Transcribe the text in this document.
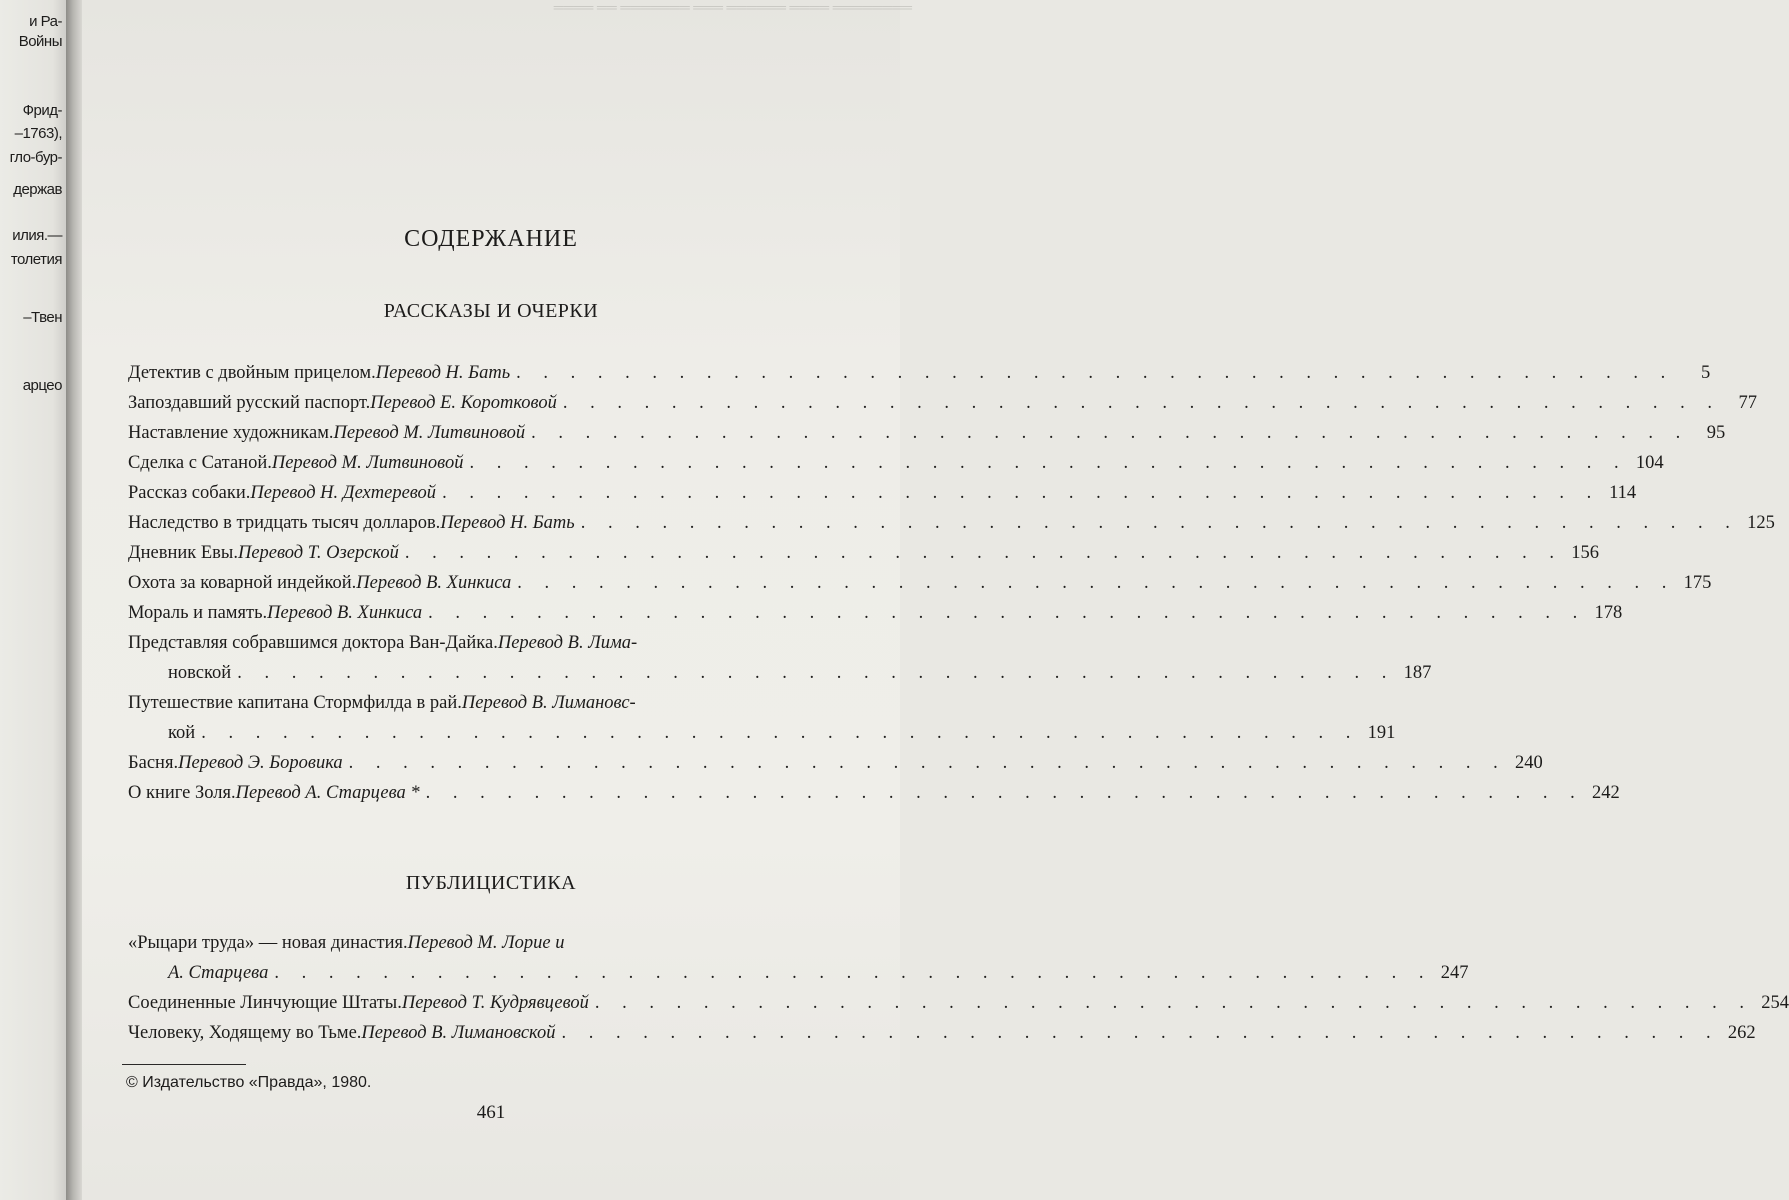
и Ра-
Войны
Фрид-
–1763),
гло-бур-
держав
илия.—
толетия
–Твен
арцео
════════ ════ ══════ ═══ ═══════ ══ ════
СОДЕРЖАНИЕ
РАССКАЗЫ И ОЧЕРКИ
Детектив с двойным прицелом. Перевод Н. Бать . . . . . . . . . . . . . . . . . . . . . . . . . . . . . . . . . . . . . . . . . . .	5
Запоздавший русский паспорт. Перевод Е. Коротковой . . . . . . . . . . . . . . . . . . . . . . . . . . . . . . . . . . . . . . . . . . . 77
Наставление художникам. Перевод М. Литвиновой . . . . . . . . . . . . . . . . . . . . . . . . . . . . . . . . . . . . . . . . . . . 95
Сделка с Сатаной. Перевод М. Литвиновой . . . . . . . . . . . . . . . . . . . . . . . . . . . . . . . . . . . . . . . . . . . 104
Рассказ собаки. Перевод Н. Дехтеревой . . . . . . . . . . . . . . . . . . . . . . . . . . . . . . . . . . . . . . . . . . . 114
Наследство в тридцать тысяч долларов. Перевод Н. Бать . . . . . . . . . . . . . . . . . . . . . . . . . . . . . . . . . . . . . . . . . . . 125
Дневник Евы. Перевод Т. Озерской . . . . . . . . . . . . . . . . . . . . . . . . . . . . . . . . . . . . . . . . . . . 156
Охота за коварной индейкой. Перевод В. Хинкиса . . . . . . . . . . . . . . . . . . . . . . . . . . . . . . . . . . . . . . . . . . . 175
Мораль и память. Перевод В. Хинкиса . . . . . . . . . . . . . . . . . . . . . . . . . . . . . . . . . . . . . . . . . . . 178
Представляя собравшимся доктора Ван-Дайка. Перевод В. Лима-
новской . . . . . . . . . . . . . . . . . . . . . . . . . . . . . . . . . . . . . . . . . . . 187
Путешествие капитана Стормфилда в рай. Перевод В. Лимановс-
кой . . . . . . . . . . . . . . . . . . . . . . . . . . . . . . . . . . . . . . . . . . . 191
Басня. Перевод Э. Боровика . . . . . . . . . . . . . . . . . . . . . . . . . . . . . . . . . . . . . . . . . . . 240
О книге Золя. Перевод А. Старцева * . . . . . . . . . . . . . . . . . . . . . . . . . . . . . . . . . . . . . . . . . . . 242
ПУБЛИЦИСТИКА
«Рыцари труда» — новая династия. Перевод М. Лорие и
А. Старцева . . . . . . . . . . . . . . . . . . . . . . . . . . . . . . . . . . . . . . . . . . . 247
Соединенные Линчующие Штаты. Перевод Т. Кудрявцевой . . . . . . . . . . . . . . . . . . . . . . . . . . . . . . . . . . . . . . . . . . . 254
Человеку, Ходящему во Тьме. Перевод В. Лимановской . . . . . . . . . . . . . . . . . . . . . . . . . . . . . . . . . . . . . . . . . . . 262
© Издательство «Правда», 1980.
461
